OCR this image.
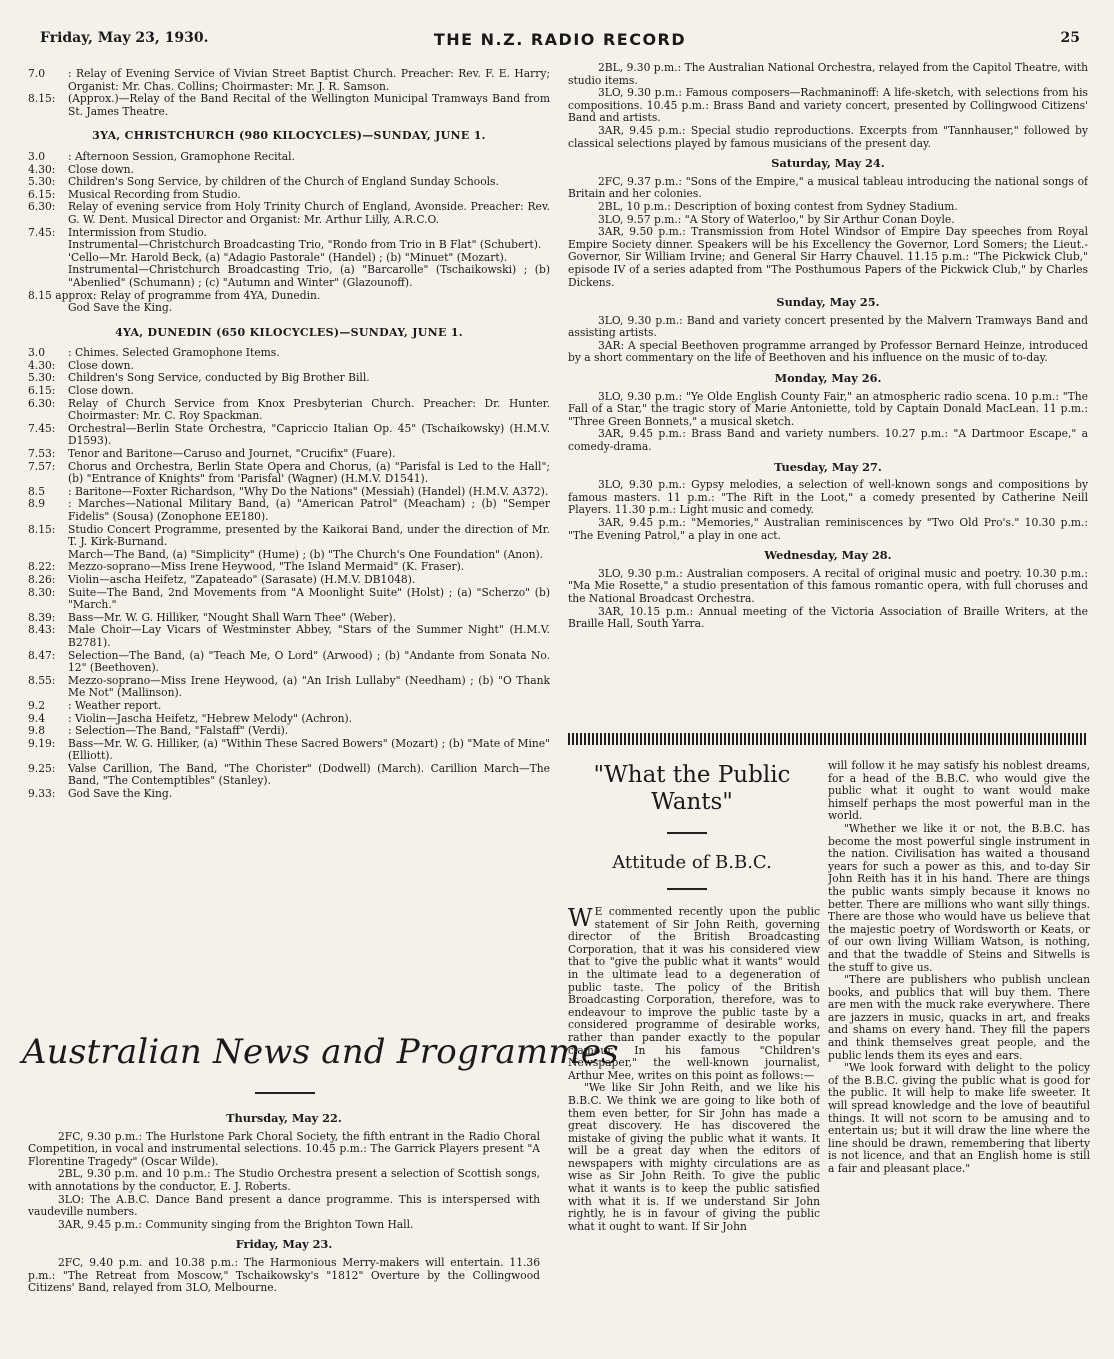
Friday, May 23, 1930.	THE N.Z. RADIO RECORD	25
7.0	: Relay of Evening Service of Vivian Street Baptist Church. Preacher: Rev. F. E. Harry; Organist: Mr. Chas. Collins; Choirmaster: Mr. J. R. Samson.
8.15:	(Approx.)—Relay of the Band Recital of the Wellington Municipal Tramways Band from St. James Theatre.
3YA, CHRISTCHURCH (980 KILOCYCLES)—SUNDAY, JUNE 1.
3.0	: Afternoon Session, Gramophone Recital.
4.30:	Close down.
5.30:	Children's Song Service, by children of the Church of England Sunday Schools.
6.15:	Musical Recording from Studio.
6.30:	Relay of evening service from Holy Trinity Church of England, Avonside. Preacher: Rev. G. W. Dent. Musical Director and Organist: Mr. Arthur Lilly, A.R.C.O.
7.45:	Intermission from Studio.
Instrumental—Christchurch Broadcasting Trio, "Rondo from Trio in B Flat" (Schubert).
'Cello—Mr. Harold Beck, (a) "Adagio Pastorale" (Handel) ; (b) "Minuet" (Mozart).
Instrumental—Christchurch Broadcasting Trio, (a) "Barcarolle" (Tschaikowski) ; (b) "Abenlied" (Schumann) ; (c) "Autumn and Winter" (Glazounoff).
8.15 approx: Relay of programme from 4YA, Dunedin.
God Save the King.
4YA, DUNEDIN (650 KILOCYCLES)—SUNDAY, JUNE 1.
3.0	: Chimes. Selected Gramophone Items.
4.30:	Close down.
5.30:	Children's Song Service, conducted by Big Brother Bill.
6.15:	Close down.
6.30:	Relay of Church Service from Knox Presbyterian Church. Preacher: Dr. Hunter. Choirmaster: Mr. C. Roy Spackman.
7.45:	Orchestral—Berlin State Orchestra, "Capriccio Italian Op. 45" (Tschaikowsky) (H.M.V. D1593).
7.53:	Tenor and Baritone—Caruso and Journet, "Crucifix" (Fuare).
7.57:	Chorus and Orchestra, Berlin State Opera and Chorus, (a) "Parisfal is Led to the Hall"; (b) "Entrance of Knights" from 'Parisfal' (Wagner) (H.M.V. D1541).
8.5	: Baritone—Foxter Richardson, "Why Do the Nations" (Messiah) (Handel) (H.M.V. A372).
8.9	: Marches—National Military Band, (a) "American Patrol" (Meacham) ; (b) "Semper Fidelis" (Sousa) (Zonophone EE180).
8.15:	Studio Concert Programme, presented by the Kaikorai Band, under the direction of Mr. T. J. Kirk-Burnand.
March—The Band, (a) "Simplicity" (Hume) ; (b) "The Church's One Foundation" (Anon).
8.22:	Mezzo-soprano—Miss Irene Heywood, "The Island Mermaid" (K. Fraser).
8.26:	Violin—ascha Heifetz, "Zapateado" (Sarasate) (H.M.V. DB1048).
8.30:	Suite—The Band, 2nd Movements from "A Moonlight Suite" (Holst) ; (a) "Scherzo" (b) "March."
8.39:	Bass—Mr. W. G. Hilliker, "Nought Shall Warn Thee" (Weber).
8.43:	Male Choir—Lay Vicars of Westminster Abbey, "Stars of the Summer Night" (H.M.V. B2781).
8.47:	Selection—The Band, (a) "Teach Me, O Lord" (Arwood) ; (b) "Andante from Sonata No. 12" (Beethoven).
8.55:	Mezzo-soprano—Miss Irene Heywood, (a) "An Irish Lullaby" (Needham) ; (b) "O Thank Me Not" (Mallinson).
9.2	: Weather report.
9.4	: Violin—Jascha Heifetz, "Hebrew Melody" (Achron).
9.8	: Selection—The Band, "Falstaff" (Verdi).
9.19:	Bass—Mr. W. G. Hilliker, (a) "Within These Sacred Bowers" (Mozart) ; (b) "Mate of Mine" (Elliott).
9.25:	Valse Carillion, The Band, "The Chorister" (Dodwell) (March). Carillion March—The Band, "The Contemptibles" (Stanley).
9.33:	God Save the King.
Australian News and Programmes
Thursday, May 22.

2FC, 9.30 p.m.: The Hurlstone Park Choral Society, the fifth entrant in the Radio Choral Competition, in vocal and instrumental selections. 10.45 p.m.: The Garrick Players present "A Florentine Tragedy" (Oscar Wilde).

2BL, 9.30 p.m. and 10 p.m.: The Studio Orchestra present a selection of Scottish songs, with annotations by the conductor, E. J. Roberts.

3LO: The A.B.C. Dance Band present a dance programme. This is interspersed with vaudeville numbers.

3AR, 9.45 p.m.: Community singing from the Brighton Town Hall.

Friday, May 23.

2FC, 9.40 p.m. and 10.38 p.m.: The Harmonious Merry-makers will entertain. 11.36 p.m.: "The Retreat from Moscow," Tschaikowsky's "1812" Overture by the Collingwood Citizens' Band, relayed from 3LO, Melbourne.

2BL, 9.30 p.m.: The Australian National Orchestra, relayed from the Capitol Theatre, with studio items.

3LO, 9.30 p.m.: Famous composers—Rachmaninoff: A life-sketch, with selections from his compositions. 10.45 p.m.: Brass Band and variety concert, presented by Collingwood Citizens' Band and artists.

3AR, 9.45 p.m.: Special studio reproductions. Excerpts from "Tannhauser," followed by classical selections played by famous musicians of the present day.

Saturday, May 24.

2FC, 9.37 p.m.: "Sons of the Empire," a musical tableau introducing the national songs of Britain and her colonies.

2BL, 10 p.m.: Description of boxing contest from Sydney Stadium.

3LO, 9.57 p.m.: "A Story of Waterloo," by Sir Arthur Conan Doyle.

3AR, 9.50 p.m.: Transmission from Hotel Windsor of Empire Day speeches from Royal Empire Society dinner. Speakers will be his Excellency the Governor, Lord Somers; the Lieut.-Governor, Sir William Irvine; and General Sir Harry Chauvel. 11.15 p.m.: "The Pickwick Club," episode IV of a series adapted from "The Posthumous Papers of the Pickwick Club," by Charles Dickens.

Sunday, May 25.

3LO, 9.30 p.m.: Band and variety concert presented by the Malvern Tramways Band and assisting artists.

3AR: A special Beethoven programme arranged by Professor Bernard Heinze, introduced by a short commentary on the life of Beethoven and his influence on the music of to-day.

Monday, May 26.

3LO, 9.30 p.m.: "Ye Olde English County Fair," an atmospheric radio scena. 10 p.m.: "The Fall of a Star," the tragic story of Marie Antoniette, told by Captain Donald MacLean. 11 p.m.: "Three Green Bonnets," a musical sketch.

3AR, 9.45 p.m.: Brass Band and variety numbers. 10.27 p.m.: "A Dartmoor Escape," a comedy-drama.

Tuesday, May 27.

3LO, 9.30 p.m.: Gypsy melodies, a selection of well-known songs and compositions by famous masters. 11 p.m.: "The Rift in the Loot," a comedy presented by Catherine Neill Players. 11.30 p.m.: Light music and comedy.

3AR, 9.45 p.m.: "Memories," Australian reminiscences by "Two Old Pro's." 10.30 p.m.: "The Evening Patrol," a play in one act.

Wednesday, May 28.

3LO, 9.30 p.m.: Australian composers. A recital of original music and poetry. 10.30 p.m.: "Ma Mie Rosette," a studio presentation of this famous romantic opera, with full choruses and the National Broadcast Orchestra.

3AR, 10.15 p.m.: Annual meeting of the Victoria Association of Braille Writers, at the Braille Hall, South Yarra.

"What the Public Wants"
Attitude of B.B.C.

W E commented recently upon the public statement of Sir John Reith, governing director of the British Broadcasting Corporation, that it was his considered view that to "give the public what it wants" would in the ultimate lead to a degeneration of public taste. The policy of the British Broadcasting Corporation, therefore, was to endeavour to improve the public taste by a considered programme of desirable works, rather than pander exactly to the popular clamour. In his famous "Children's Newspaper," the well-known journalist, Arthur Mee, writes on this point as follows:—

"We like Sir John Reith, and we like his B.B.C. We think we are going to like both of them even better, for Sir John has made a great discovery. He has discovered the mistake of giving the public what it wants. It will be a great day when the editors of newspapers with mighty circulations are as wise as Sir John Reith. To give the public what it wants is to keep the public satisfied with what it is. If we understand Sir John rightly, he is in favour of giving the public what it ought to want. If Sir John

will follow it he may satisfy his noblest dreams, for a head of the B.B.C. who would give the public what it ought to want would make himself perhaps the most powerful man in the world.

"Whether we like it or not, the B.B.C. has become the most powerful single instrument in the nation. Civilisation has waited a thousand years for such a power as this, and to-day Sir John Reith has it in his hand. There are things the public wants simply because it knows no better. There are millions who want silly things. There are those who would have us believe that the majestic poetry of Wordsworth or Keats, or of our own living William Watson, is nothing, and that the twaddle of Steins and Sitwells is the stuff to give us.

"There are publishers who publish unclean books, and publics that will buy them. There are men with the muck rake everywhere. There are jazzers in music, quacks in art, and freaks and shams on every hand. They fill the papers and think themselves great people, and the public lends them its eyes and ears.

"We look forward with delight to the policy of the B.B.C. giving the public what is good for the public. It will help to make life sweeter. It will spread knowledge and the love of beautiful things. It will not scorn to be amusing and to entertain us; but it will draw the line where the line should be drawn, remembering that liberty is not licence, and that an English home is still a fair and pleasant place."
